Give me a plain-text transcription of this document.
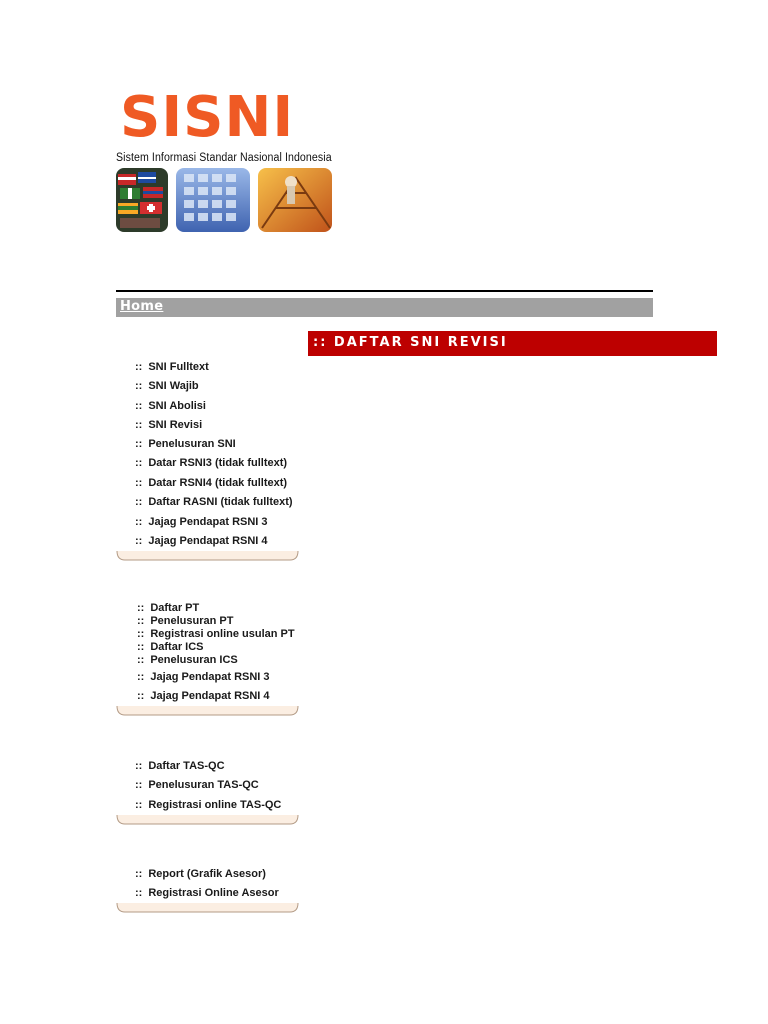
SISNI
Sistem Informasi Standar Nasional Indonesia
Home
:: DAFTAR SNI REVISI
:: SNI Fulltext
:: SNI Wajib
:: SNI Abolisi
:: SNI Revisi
:: Penelusuran SNI
:: Datar RSNI3 (tidak fulltext)
:: Datar RSNI4 (tidak fulltext)
:: Daftar RASNI (tidak fulltext)
:: Jajag Pendapat RSNI 3
:: Jajag Pendapat RSNI 4
:: Daftar PT
:: Penelusuran PT
:: Registrasi online usulan PT
:: Daftar ICS
:: Penelusuran ICS
:: Jajag Pendapat RSNI 3
:: Jajag Pendapat RSNI 4
:: Daftar TAS-QC
:: Penelusuran TAS-QC
:: Registrasi online TAS-QC
:: Report (Grafik Asesor)
:: Registrasi Online Asesor
